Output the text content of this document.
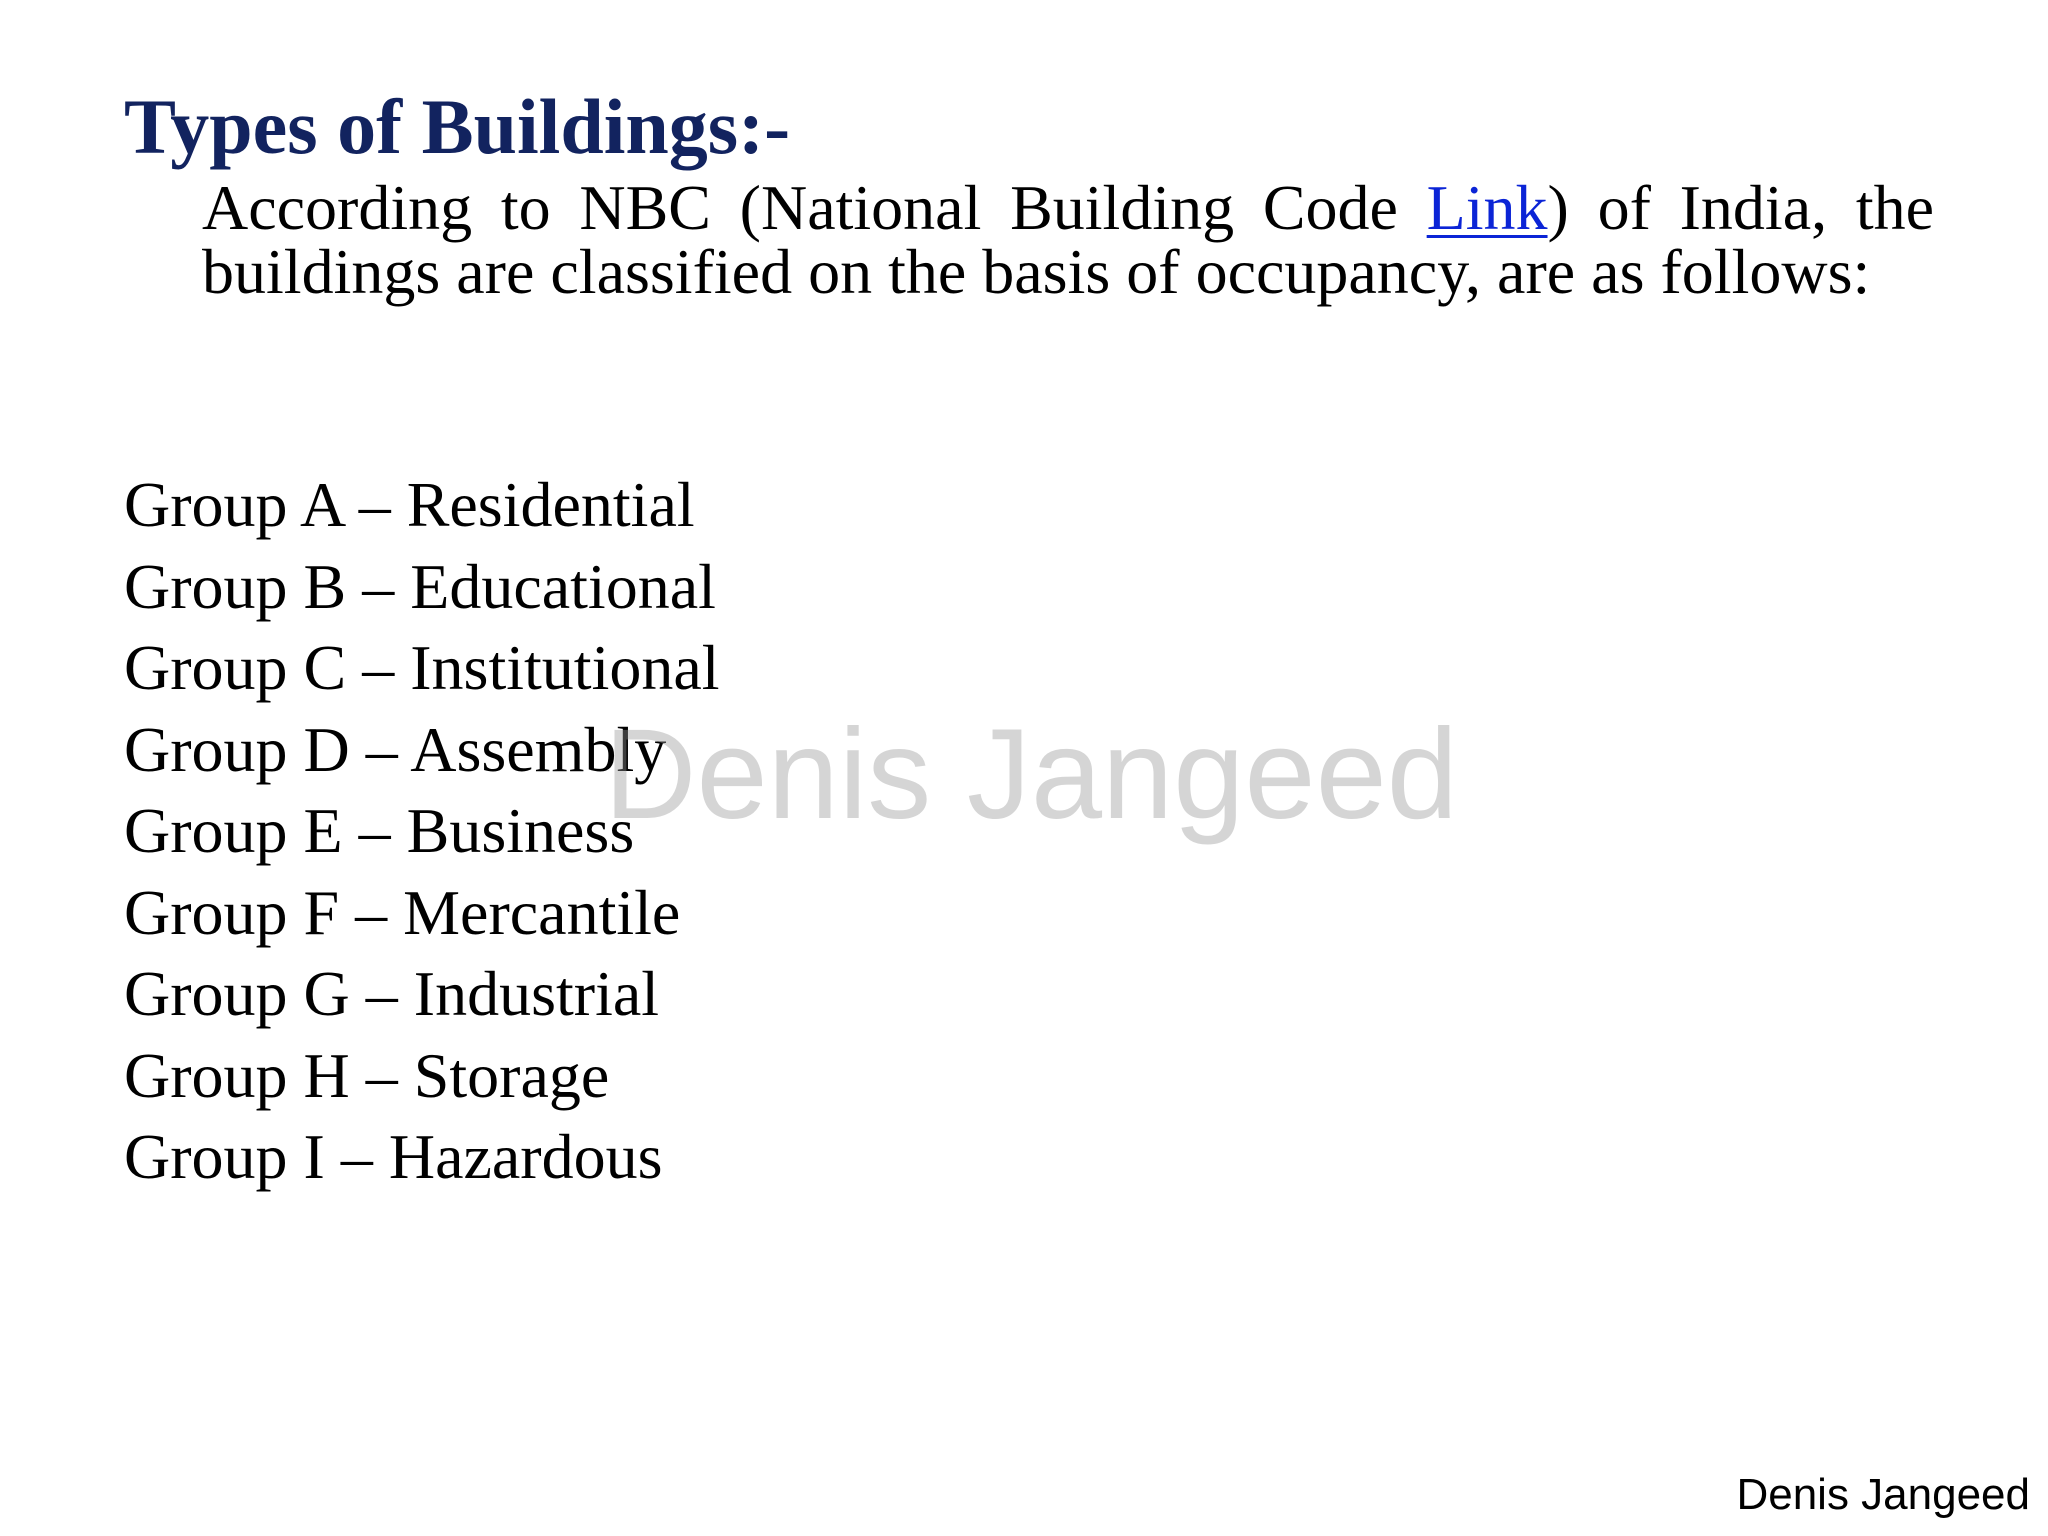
Types of Buildings:-

According to NBC (National Building Code Link) of India, the buildings are classified on the basis of occupancy, are as follows:

Group A – Residential
Group B – Educational
Group C – Institutional
Group D – Assembly
Group E – Business
Group F – Mercantile
Group G – Industrial
Group H – Storage
Group I – Hazardous
Denis Jangeed
Denis Jangeed
